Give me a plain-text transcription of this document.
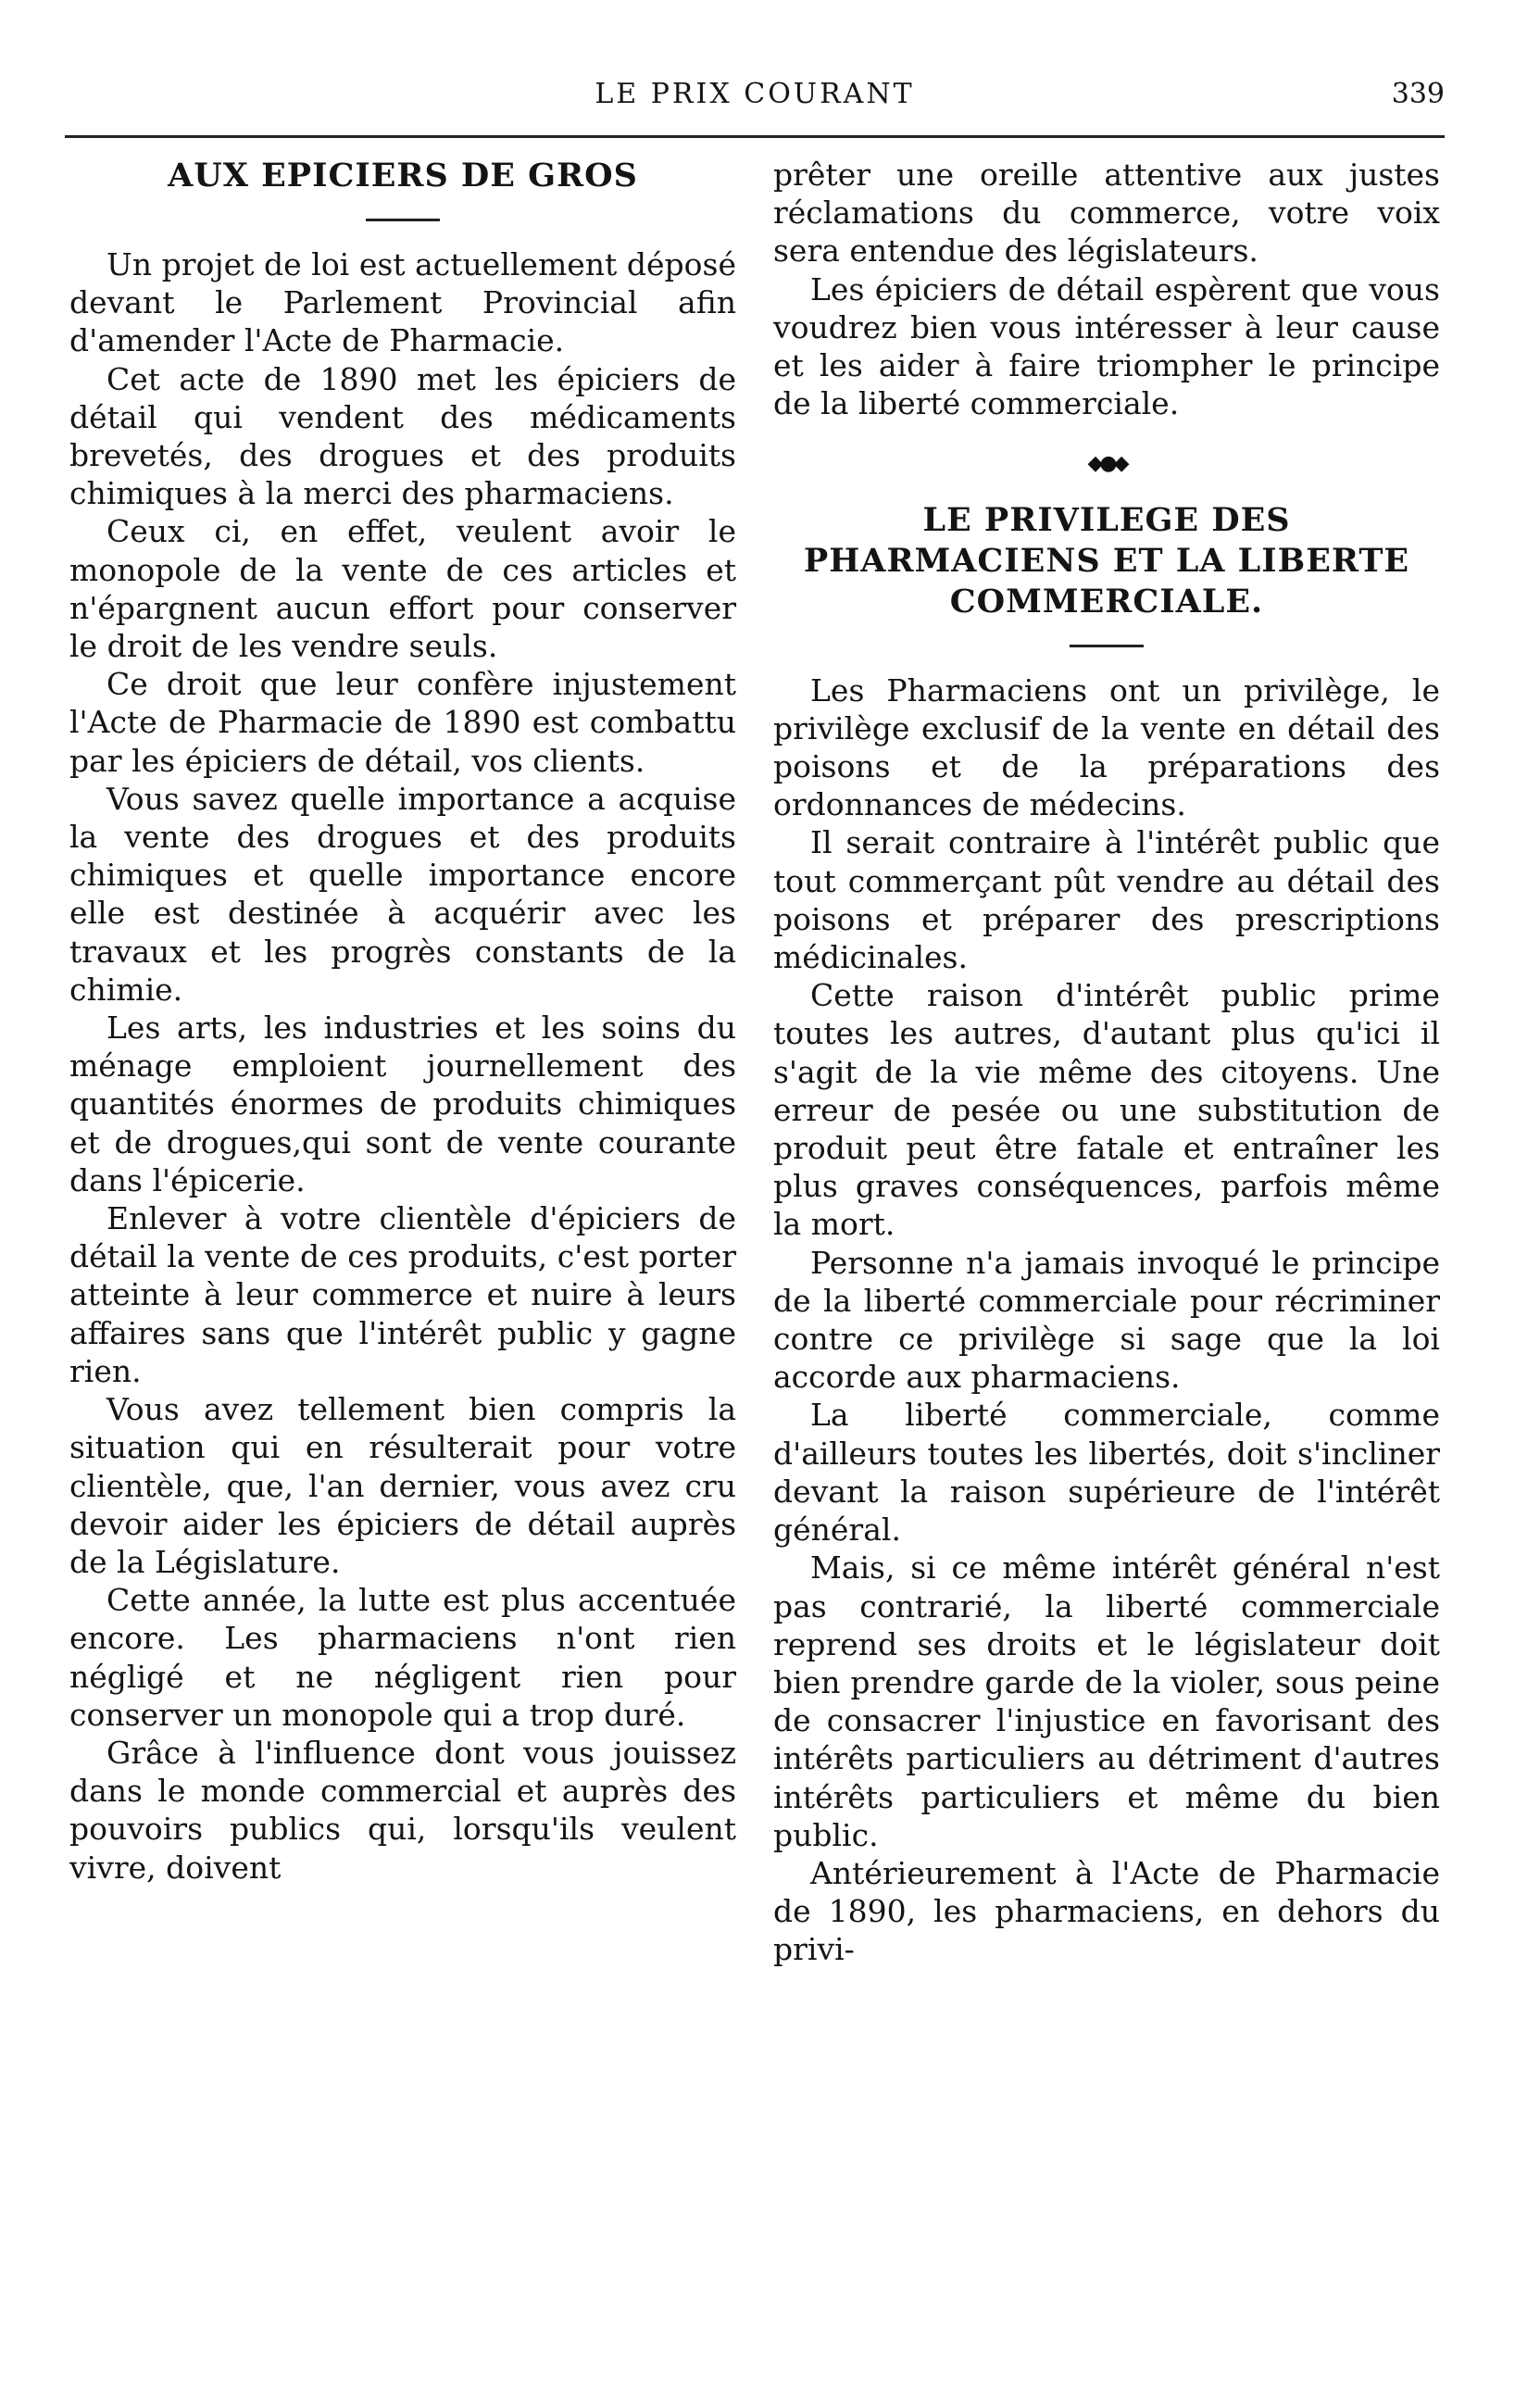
LE PRIX COURANT	339
AUX EPICIERS DE GROS

Un projet de loi est actuellement déposé devant le Parlement Provincial afin d'amender l'Acte de Pharmacie.

Cet acte de 1890 met les épiciers de détail qui vendent des médicaments brevetés, des drogues et des produits chimiques à la merci des pharmaciens.

Ceux ci, en effet, veulent avoir le monopole de la vente de ces articles et n'épargnent aucun effort pour conserver le droit de les vendre seuls.

Ce droit que leur confère injustement l'Acte de Pharmacie de 1890 est combattu par les épiciers de détail, vos clients.

Vous savez quelle importance a acquise la vente des drogues et des produits chimiques et quelle importance encore elle est destinée à acquérir avec les travaux et les progrès constants de la chimie.

Les arts, les industries et les soins du ménage emploient journellement des quantités énormes de produits chimiques et de drogues,qui sont de vente courante dans l'épicerie.

Enlever à votre clientèle d'épiciers de détail la vente de ces produits, c'est porter atteinte à leur commerce et nuire à leurs affaires sans que l'intérêt public y gagne rien.

Vous avez tellement bien compris la situation qui en résulterait pour votre clientèle, que, l'an dernier, vous avez cru devoir aider les épiciers de détail auprès de la Législature.

Cette année, la lutte est plus accentuée encore. Les pharmaciens n'ont rien négligé et ne négligent rien pour conserver un monopole qui a trop duré.

Grâce à l'influence dont vous jouissez dans le monde commercial et auprès des pouvoirs publics qui, lorsqu'ils veulent vivre, doivent

prêter une oreille attentive aux justes réclamations du commerce, votre voix sera entendue des législateurs.

Les épiciers de détail espèrent que vous voudrez bien vous intéresser à leur cause et les aider à faire triompher le principe de la liberté commerciale.

◆●◆
LE PRIVILEGE DES PHARMACIENS ET LA LIBERTE COMMERCIALE.

Les Pharmaciens ont un privilège, le privilège exclusif de la vente en détail des poisons et de la préparations des ordonnances de médecins.

Il serait contraire à l'intérêt public que tout commerçant pût vendre au détail des poisons et préparer des prescriptions médicinales.

Cette raison d'intérêt public prime toutes les autres, d'autant plus qu'ici il s'agit de la vie même des citoyens. Une erreur de pesée ou une substitution de produit peut être fatale et entraîner les plus graves conséquences, parfois même la mort.

Personne n'a jamais invoqué le principe de la liberté commerciale pour récriminer contre ce privilège si sage que la loi accorde aux pharmaciens.

La liberté commerciale, comme d'ailleurs toutes les libertés, doit s'incliner devant la raison supérieure de l'intérêt général.

Mais, si ce même intérêt général n'est pas contrarié, la liberté commerciale reprend ses droits et le législateur doit bien prendre garde de la violer, sous peine de consacrer l'injustice en favorisant des intérêts particuliers au détriment d'autres intérêts particuliers et même du bien public.

Antérieurement à l'Acte de Pharmacie de 1890, les pharmaciens, en dehors du privi-
